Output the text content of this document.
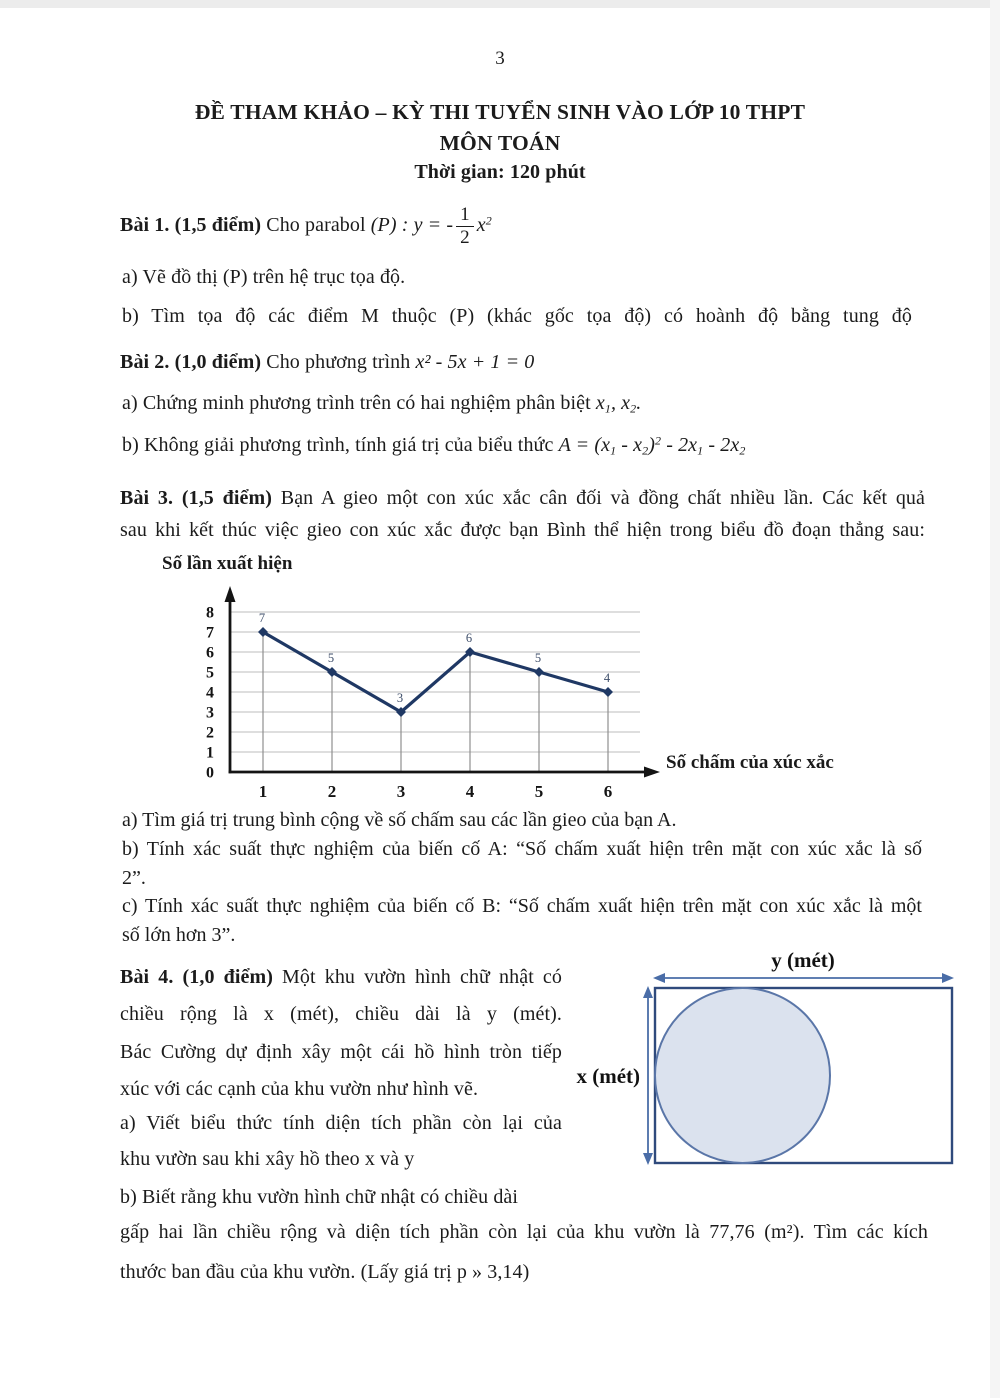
3
ĐỀ THAM KHẢO – KỲ THI TUYỂN SINH VÀO LỚP 10 THPT
MÔN TOÁN
Thời gian: 120 phút
Bài 1. (1,5 điểm) Cho parabol (P) : y = - $\frac{1}{2} x^2$
a) Vẽ đồ thị (P) trên hệ trục tọa độ.
b) Tìm tọa độ các điểm M thuộc (P) (khác gốc tọa độ) có hoành độ bằng tung độ
Bài 2. (1,0 điểm) Cho phương trình x² - 5x + 1 = 0
a) Chứng minh phương trình trên có hai nghiệm phân biệt $x_1$, $x_2$.
b) Không giải phương trình, tính giá trị của biểu thức $A = (x_1 - x_2)^2 - 2x_1 - 2x_2$
Bài 3. (1,5 điểm) Bạn A gieo một con xúc xắc cân đối và đồng chất nhiều lần. Các kết quả
sau khi kết thúc việc gieo con xúc xắc được bạn Bình thể hiện trong biểu đồ đoạn thẳng sau:
Số lần xuất hiện
7
5
3
6
5
4
0
1
2
3
4
5
6
7
8
1	2	3	4	5	6
Số chấm của xúc xắc
a) Tìm giá trị trung bình cộng về số chấm sau các lần gieo của bạn A.
b) Tính xác suất thực nghiệm của biến cố A: “Số chấm xuất hiện trên mặt con xúc xắc là số
2”.
c) Tính xác suất thực nghiệm của biến cố B: “Số chấm xuất hiện trên mặt con xúc xắc là một
số lớn hơn 3”.
Bài 4. (1,0 điểm) Một khu vườn hình chữ nhật có
chiều rộng là x (mét), chiều dài là y (mét).
Bác Cường dự định xây một cái hồ hình tròn tiếp
xúc với các cạnh của khu vườn như hình vẽ.
a) Viết biểu thức tính diện tích phần còn lại của
khu vườn sau khi xây hồ theo x và y
y (mét)
x (mét)
b) Biết rằng khu vườn hình chữ nhật có chiều dài
gấp hai lần chiều rộng và diện tích phần còn lại của khu vườn là 77,76 (m²). Tìm các kích
thước ban đầu của khu vườn. (Lấy giá trị p » 3,14)
